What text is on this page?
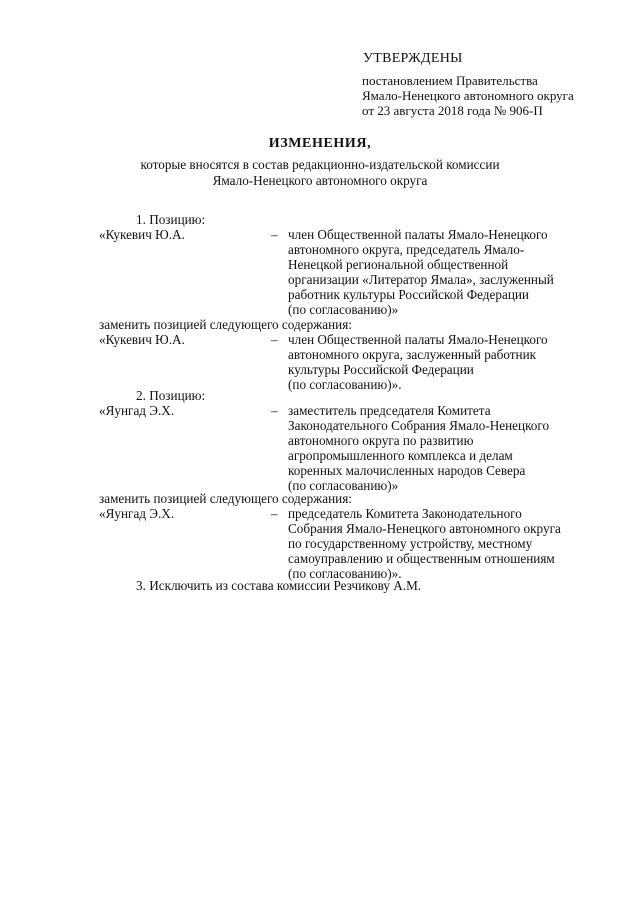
УТВЕРЖДЕНЫ
постановлением Правительства
Ямало-Ненецкого автономного округа
от 23 августа 2018 года № 906-П
ИЗМЕНЕНИЯ,
которые вносятся в состав редакционно-издательской комиссии
Ямало-Ненецкого автономного округа
1. Позицию:
«Кукевич Ю.А.	– член Общественной палаты Ямало-Ненецкого
автономного округа, председатель Ямало-
Ненецкой региональной общественной
организации «Литератор Ямала», заслуженный
работник культуры Российской Федерации
(по согласованию)»
заменить позицией следующего содержания:
«Кукевич Ю.А.	– член Общественной палаты Ямало-Ненецкого
автономного округа, заслуженный работник
культуры Российской Федерации
(по согласованию)».
2. Позицию:
«Яунгад Э.Х.	– заместитель председателя Комитета
Законодательного Собрания Ямало-Ненецкого
автономного округа по развитию
агропромышленного комплекса и делам
коренных малочисленных народов Севера
(по согласованию)»
заменить позицией следующего содержания:
«Яунгад Э.Х.	– председатель Комитета Законодательного
Собрания Ямало-Ненецкого автономного округа
по государственному устройству, местному
самоуправлению и общественным отношениям
(по согласованию)».
3. Исключить из состава комиссии Резчикову А.М.
